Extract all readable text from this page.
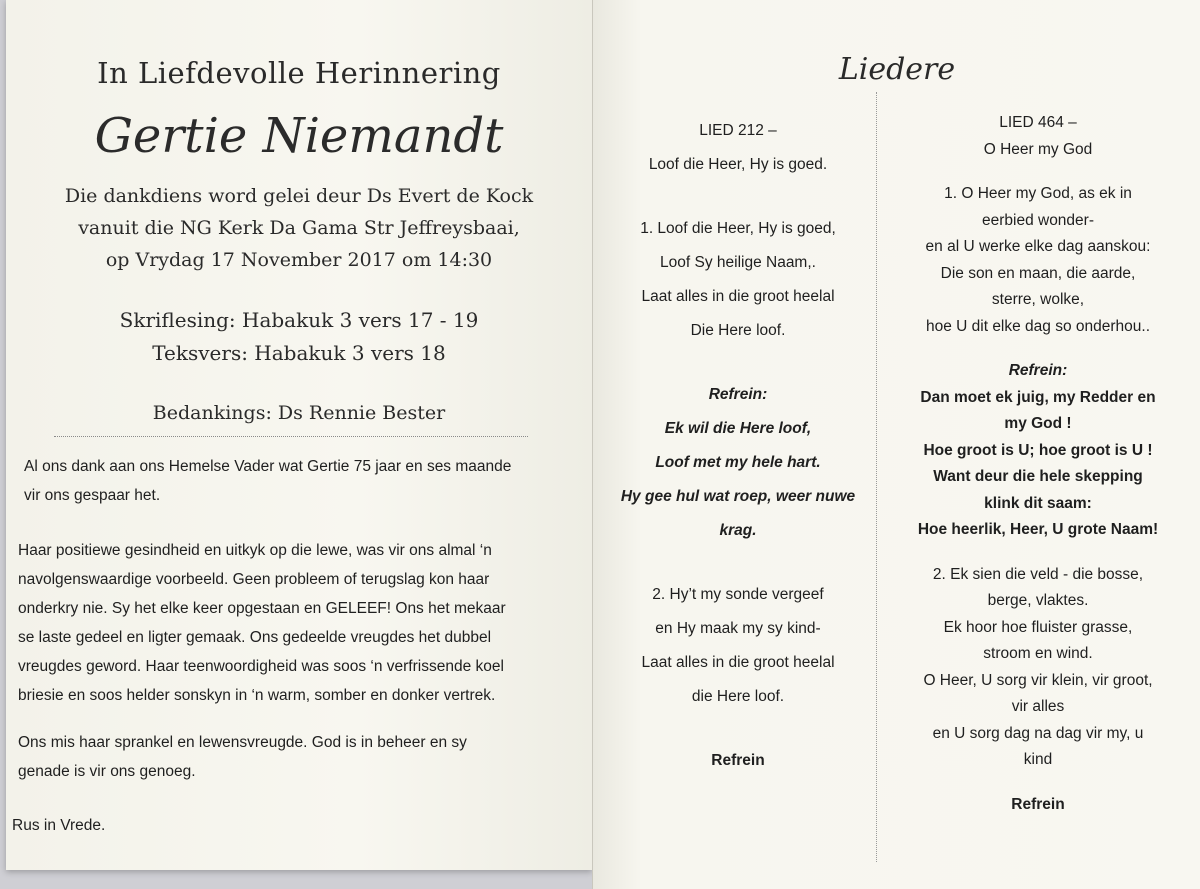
In Liefdevolle Herinnering
Gertie Niemandt
Die dankdiens word gelei deur Ds Evert de Kock
vanuit die NG Kerk Da Gama Str Jeffreysbaai,
op Vrydag 17 November 2017 om 14:30
Skriflesing: Habakuk 3 vers 17 - 19
Teksvers: Habakuk 3 vers 18
Bedankings: Ds Rennie Bester
Al ons dank aan ons Hemelse Vader wat Gertie 75 jaar en ses maande
vir ons gespaar het.
Haar positiewe gesindheid en uitkyk op die lewe, was vir ons almal ‘n
navolgenswaardige voorbeeld. Geen probleem of terugslag kon haar
onderkry nie. Sy het elke keer opgestaan en GELEEF! Ons het mekaar
se laste gedeel en ligter gemaak. Ons gedeelde vreugdes het dubbel
vreugdes geword. Haar teenwoordigheid was soos ‘n verfrissende koel
briesie en soos helder sonskyn in ‘n warm, somber en donker vertrek.
Ons mis haar sprankel en lewensvreugde. God is in beheer en sy
genade is vir ons genoeg.
Rus in Vrede.
Liedere
LIED 212 –
Loof die Heer, Hy is goed.
1. Loof die Heer, Hy is goed,
Loof Sy heilige Naam,.
Laat alles in die groot heelal
Die Here loof.
Refrein:
Ek wil die Here loof,
Loof met my hele hart.
Hy gee hul wat roep, weer nuwe
krag.
2. Hy’t my sonde vergeef
en Hy maak my sy kind-
Laat alles in die groot heelal
die Here loof.
Refrein
LIED 464 –
O Heer my God
1. O Heer my God, as ek in
eerbied wonder-
en al U werke elke dag aanskou:
Die son en maan, die aarde,
sterre, wolke,
hoe U dit elke dag so onderhou..
Refrein:
Dan moet ek juig, my Redder en
my God !
Hoe groot is U; hoe groot is U !
Want deur die hele skepping
klink dit saam:
Hoe heerlik, Heer, U grote Naam!
2. Ek sien die veld - die bosse,
berge, vlaktes.
Ek hoor hoe fluister grasse,
stroom en wind.
O Heer, U sorg vir klein, vir groot,
vir alles
en U sorg dag na dag vir my, u
kind
Refrein
